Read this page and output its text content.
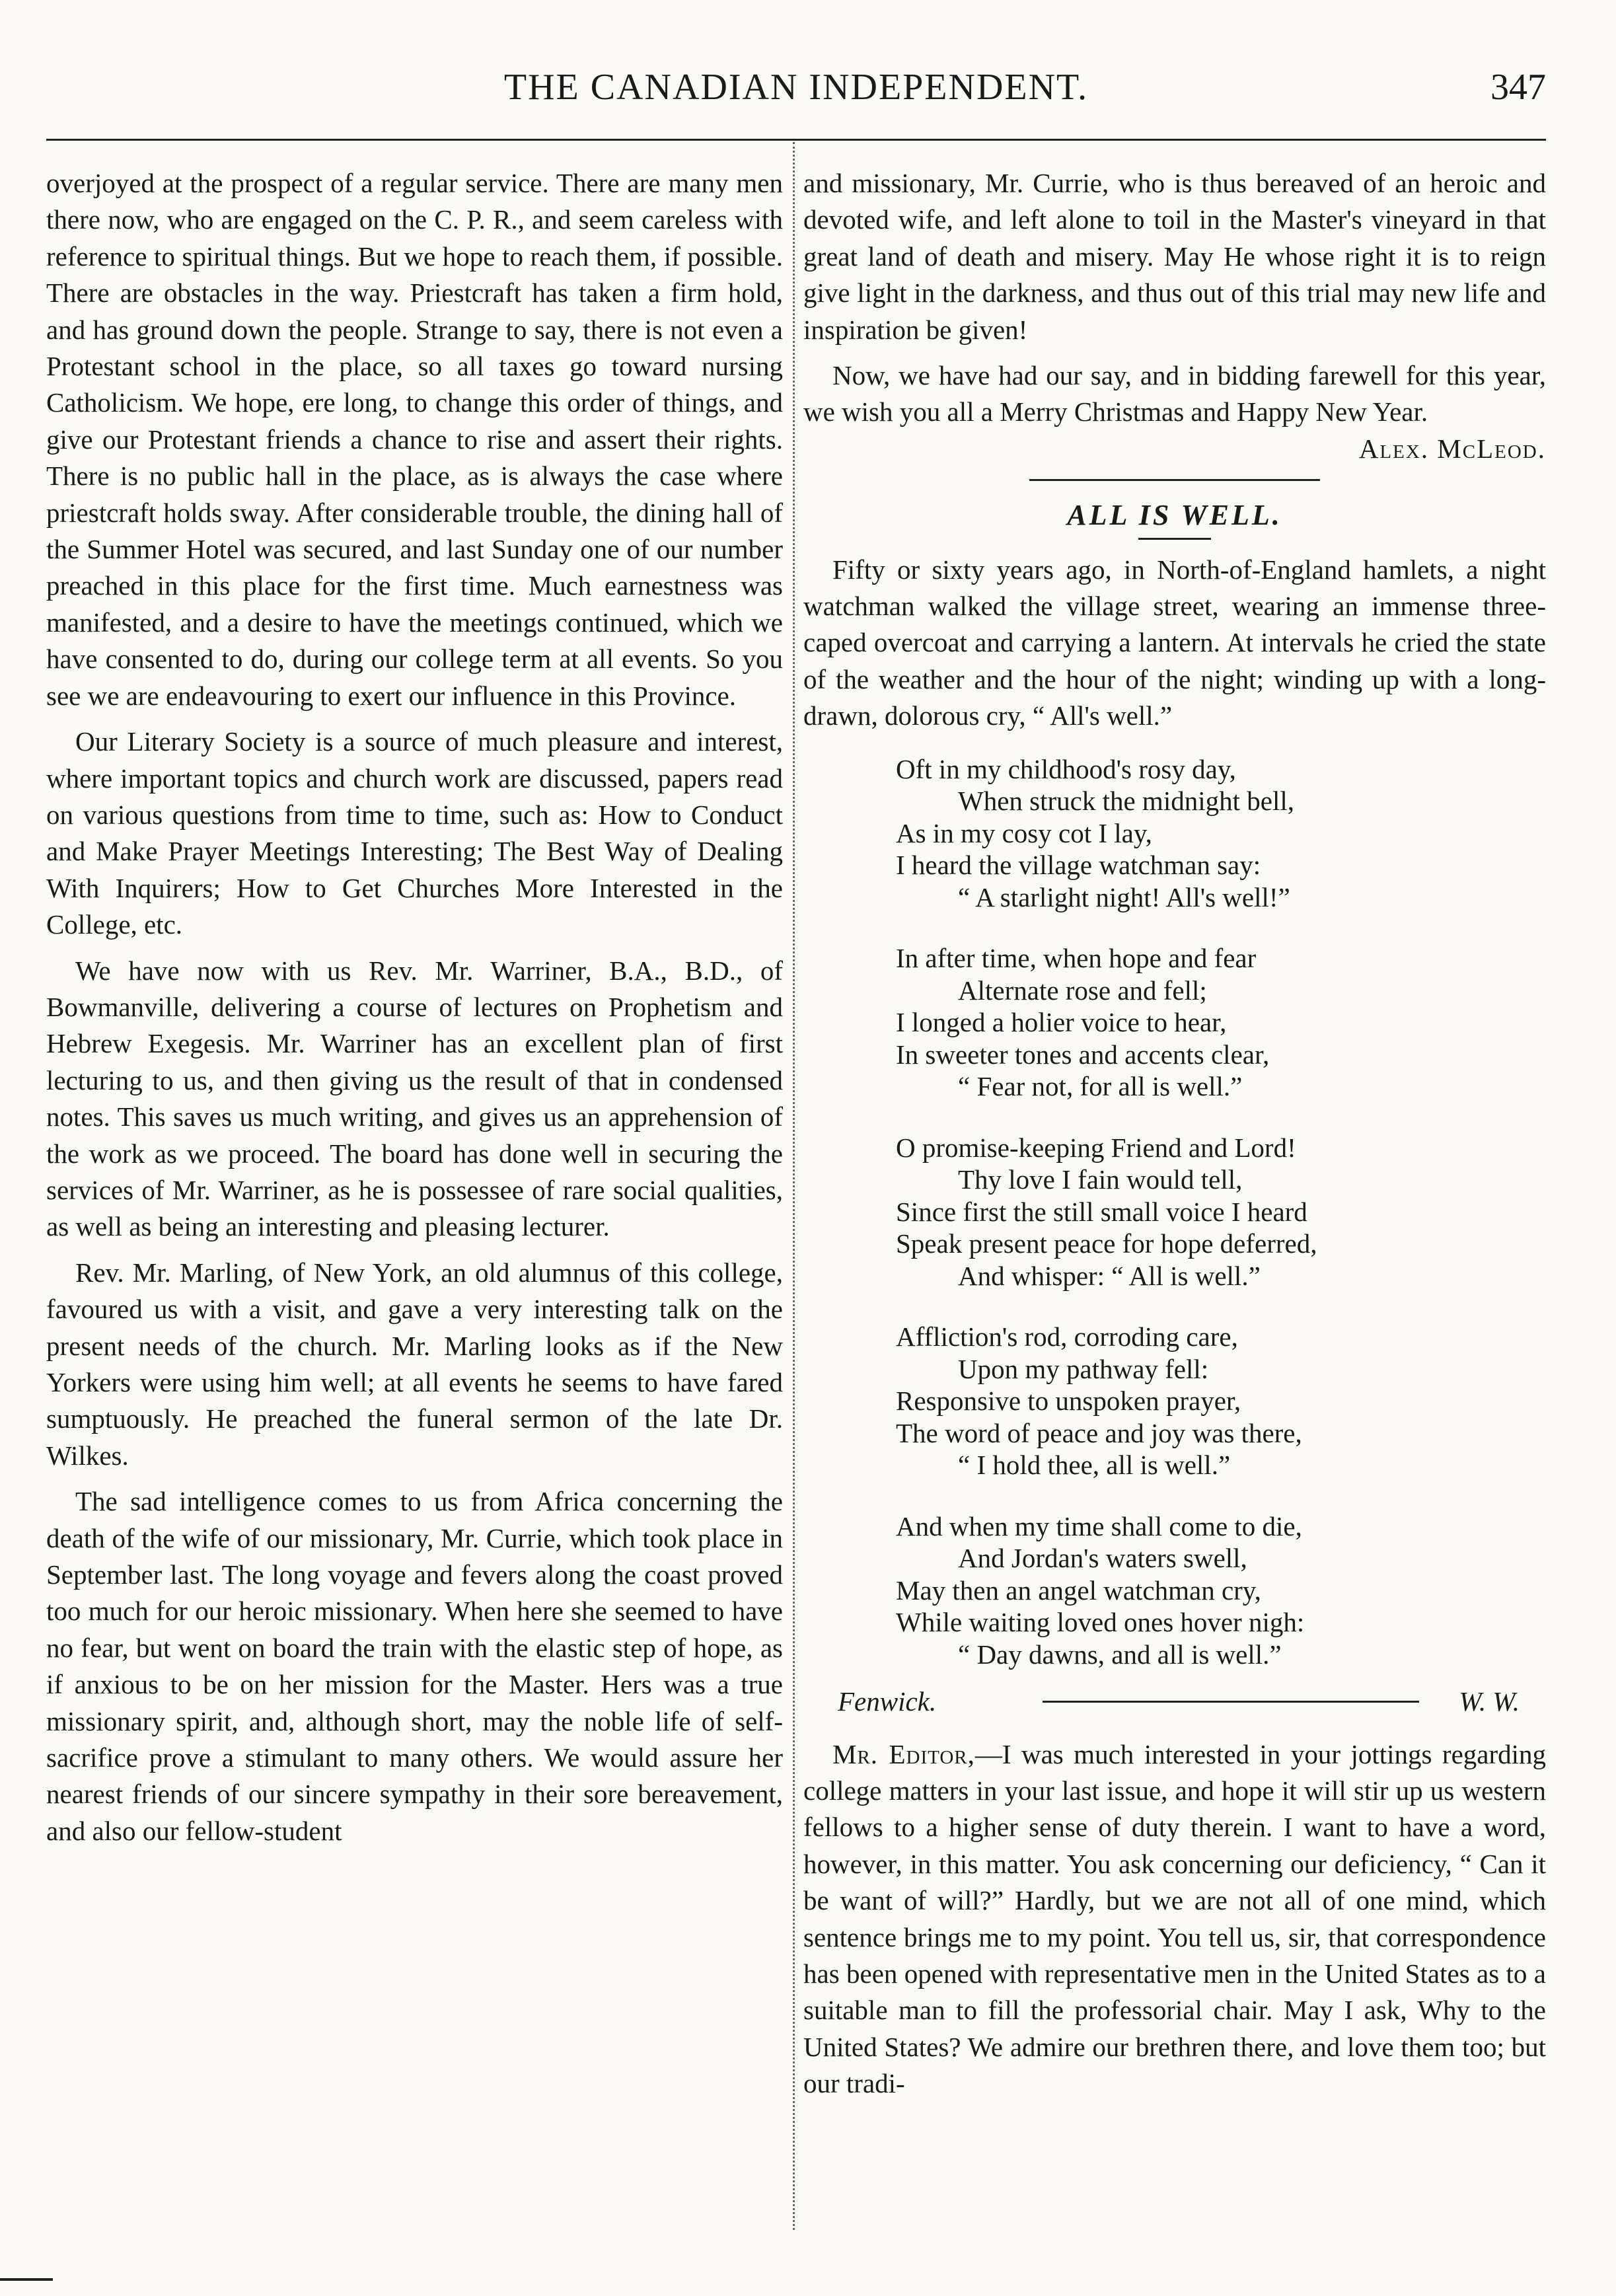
THE CANADIAN INDEPENDENT.	347

overjoyed at the prospect of a regular service. There are many men there now, who are engaged on the C. P. R., and seem careless with reference to spiritual things. But we hope to reach them, if possible. There are obstacles in the way. Priestcraft has taken a firm hold, and has ground down the people. Strange to say, there is not even a Protestant school in the place, so all taxes go toward nursing Catholicism. We hope, ere long, to change this order of things, and give our Protestant friends a chance to rise and assert their rights. There is no public hall in the place, as is always the case where priestcraft holds sway. After considerable trouble, the dining hall of the Summer Hotel was secured, and last Sunday one of our number preached in this place for the first time. Much earnestness was manifested, and a desire to have the meetings continued, which we have consented to do, during our college term at all events. So you see we are endeavouring to exert our influence in this Province.

Our Literary Society is a source of much pleasure and interest, where important topics and church work are discussed, papers read on various questions from time to time, such as: How to Conduct and Make Prayer Meetings Interesting; The Best Way of Dealing With Inquirers; How to Get Churches More Interested in the College, etc.

We have now with us Rev. Mr. Warriner, B.A., B.D., of Bowmanville, delivering a course of lectures on Prophetism and Hebrew Exegesis. Mr. Warriner has an excellent plan of first lecturing to us, and then giving us the result of that in condensed notes. This saves us much writing, and gives us an apprehension of the work as we proceed. The board has done well in securing the services of Mr. Warriner, as he is possessee of rare social qualities, as well as being an interesting and pleasing lecturer.

Rev. Mr. Marling, of New York, an old alumnus of this college, favoured us with a visit, and gave a very interesting talk on the present needs of the church. Mr. Marling looks as if the New Yorkers were using him well; at all events he seems to have fared sumptuously. He preached the funeral sermon of the late Dr. Wilkes.

The sad intelligence comes to us from Africa concerning the death of the wife of our missionary, Mr. Currie, which took place in September last. The long voyage and fevers along the coast proved too much for our heroic missionary. When here she seemed to have no fear, but went on board the train with the elastic step of hope, as if anxious to be on her mission for the Master. Hers was a true missionary spirit, and, although short, may the noble life of self-sacrifice prove a stimulant to many others. We would assure her nearest friends of our sincere sympathy in their sore bereavement, and also our fellow-student

and missionary, Mr. Currie, who is thus bereaved of an heroic and devoted wife, and left alone to toil in the Master's vineyard in that great land of death and misery. May He whose right it is to reign give light in the darkness, and thus out of this trial may new life and inspiration be given!

Now, we have had our say, and in bidding farewell for this year, we wish you all a Merry Christmas and Happy New Year.

Alex. McLeod.
ALL IS WELL.

Fifty or sixty years ago, in North-of-England hamlets, a night watchman walked the village street, wearing an immense three-caped overcoat and carrying a lantern. At intervals he cried the state of the weather and the hour of the night; winding up with a long-drawn, dolorous cry, “ All's well.”

Oft in my childhood's rosy day,
When struck the midnight bell,
As in my cosy cot I lay,
I heard the village watchman say:
“ A starlight night! All's well!”
In after time, when hope and fear
Alternate rose and fell;
I longed a holier voice to hear,
In sweeter tones and accents clear,
“ Fear not, for all is well.”
O promise-keeping Friend and Lord!
Thy love I fain would tell,
Since first the still small voice I heard
Speak present peace for hope deferred,
And whisper: “ All is well.”
Affliction's rod, corroding care,
Upon my pathway fell:
Responsive to unspoken prayer,
The word of peace and joy was there,
“ I hold thee, all is well.”
And when my time shall come to die,
And Jordan's waters swell,
May then an angel watchman cry,
While waiting loved ones hover nigh:
“ Day dawns, and all is well.”
Fenwick.	W. W.

Mr. Editor,—I was much interested in your jottings regarding college matters in your last issue, and hope it will stir up us western fellows to a higher sense of duty therein. I want to have a word, however, in this matter. You ask concerning our deficiency, “ Can it be want of will?” Hardly, but we are not all of one mind, which sentence brings me to my point. You tell us, sir, that correspondence has been opened with representative men in the United States as to a suitable man to fill the professorial chair. May I ask, Why to the United States? We admire our brethren there, and love them too; but our tradi-
